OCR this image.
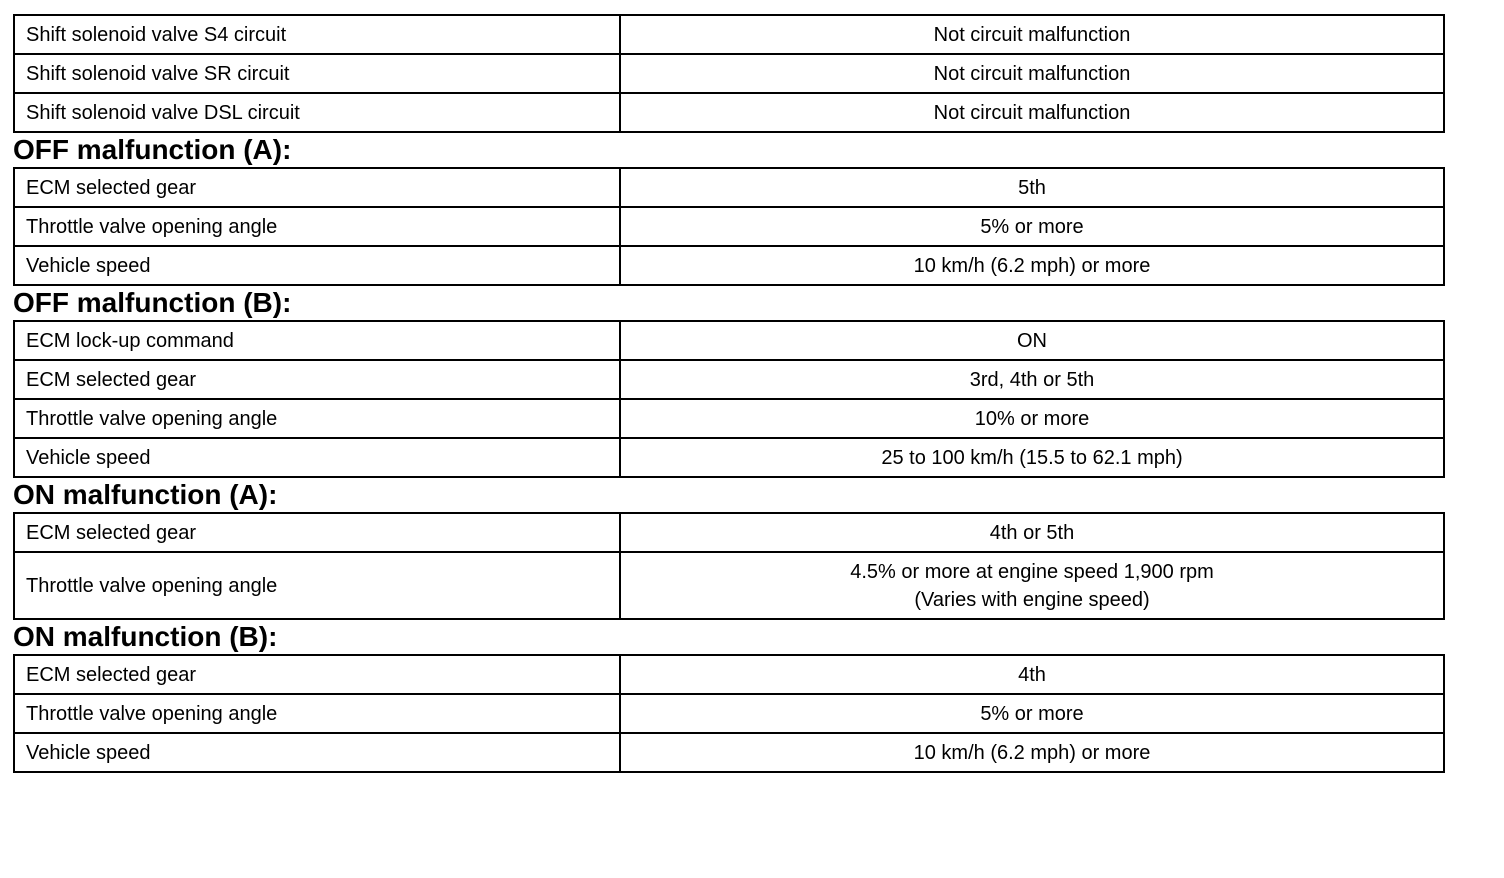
Shift solenoid valve S4 circuit	Not circuit malfunction
Shift solenoid valve SR circuit	Not circuit malfunction
Shift solenoid valve DSL circuit	Not circuit malfunction
OFF malfunction (A):
ECM selected gear	5th
Throttle valve opening angle	5% or more
Vehicle speed	10 km/h (6.2 mph) or more
OFF malfunction (B):
ECM lock-up command	ON
ECM selected gear	3rd, 4th or 5th
Throttle valve opening angle	10% or more
Vehicle speed	25 to 100 km/h (15.5 to 62.1 mph)
ON malfunction (A):
ECM selected gear	4th or 5th
Throttle valve opening angle	4.5% or more at engine speed 1,900 rpm
(Varies with engine speed)
ON malfunction (B):
ECM selected gear	4th
Throttle valve opening angle	5% or more
Vehicle speed	10 km/h (6.2 mph) or more
